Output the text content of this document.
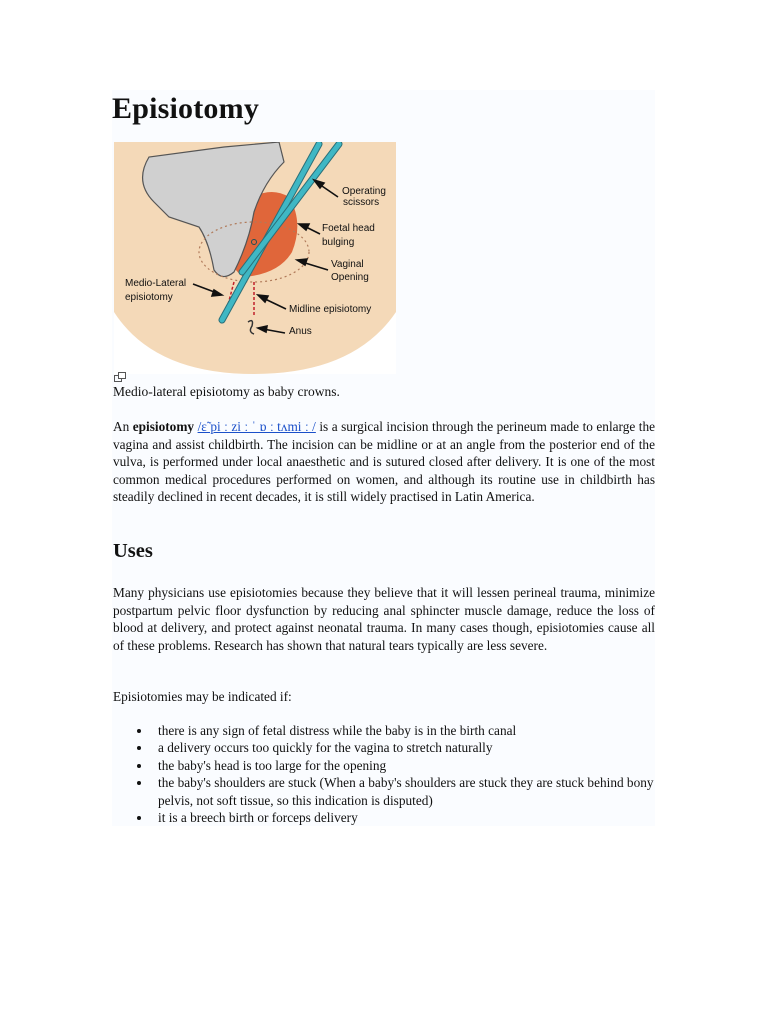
Episiotomy
Operating
scissors
Foetal head
bulging
Vaginal
Opening
Medio-Lateral
episiotomy
Midline episiotomy
Anus
Medio-lateral episiotomy as baby crowns.

An episiotomy /ɛ̃ pi ː zi ː ˈ ɒ ː tʌmi ː / is a surgical incision through the perineum made to enlarge the vagina and assist childbirth. The incision can be midline or at an angle from the posterior end of the vulva, is performed under local anaesthetic and is sutured closed after delivery. It is one of the most common medical procedures performed on women, and although its routine use in childbirth has steadily declined in recent decades, it is still widely practised in Latin America.

Uses

Many physicians use episiotomies because they believe that it will lessen perineal trauma, minimize postpartum pelvic floor dysfunction by reducing anal sphincter muscle damage, reduce the loss of blood at delivery, and protect against neonatal trauma. In many cases though, episiotomies cause all of these problems. Research has shown that natural tears typically are less severe.

Episiotomies may be indicated if:

there is any sign of fetal distress while the baby is in the birth canal
a delivery occurs too quickly for the vagina to stretch naturally
the baby's head is too large for the opening
the baby's shoulders are stuck (When a baby's shoulders are stuck they are stuck behind bony pelvis, not soft tissue, so this indication is disputed)
it is a breech birth or forceps delivery
